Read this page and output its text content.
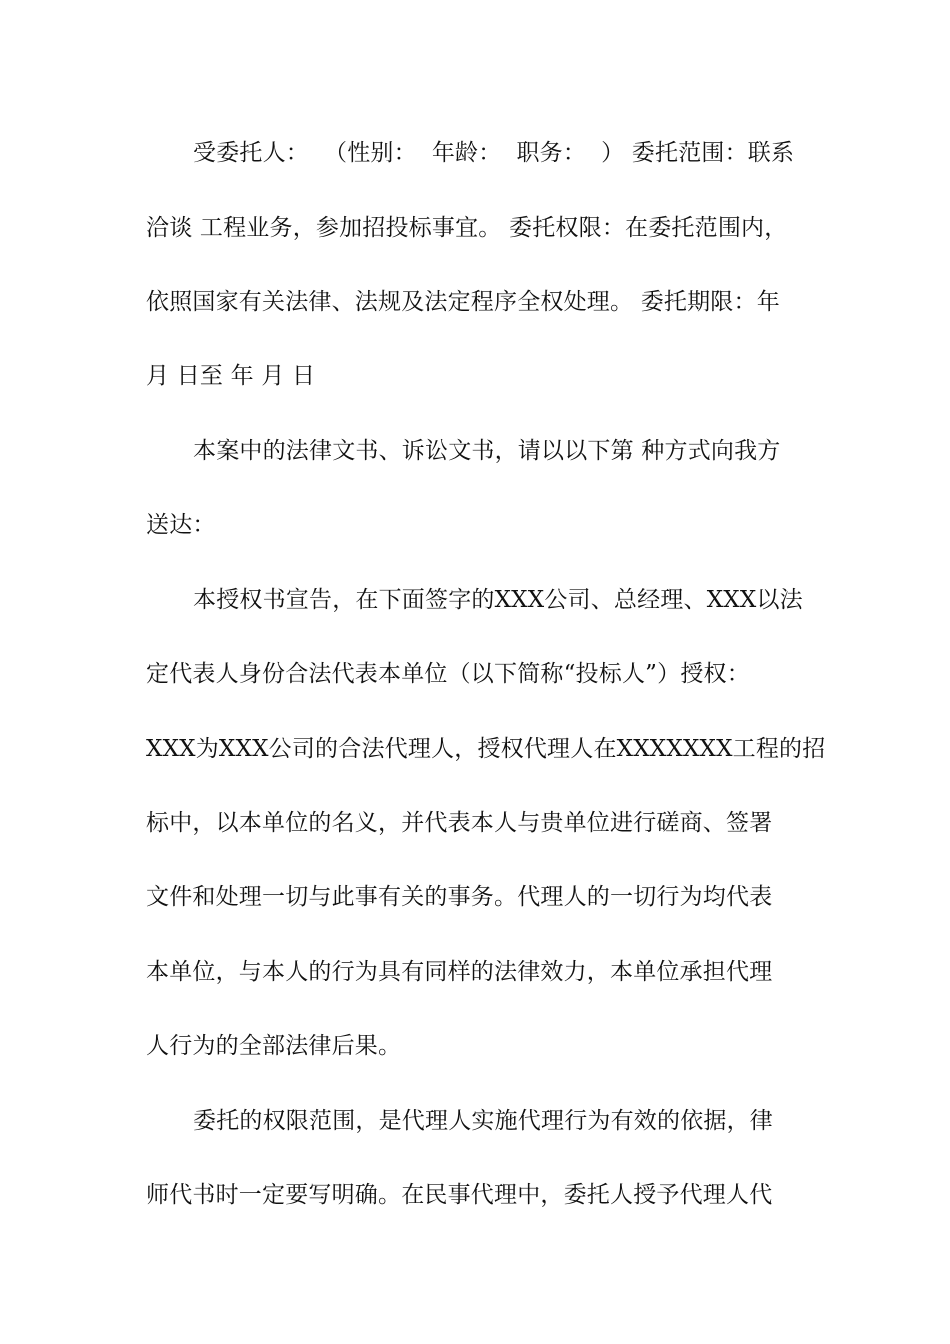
受委托人：  （性别：  年龄：  职务：  ） 委托范围：联系
洽谈 工程业务，参加招投标事宜。 委托权限：在委托范围内，
依照国家有关法律、法规及法定程序全权处理。 委托期限：年
月 日至 年 月 日
本案中的法律文书、诉讼文书，请以以下第 种方式向我方
送达：
本授权书宣告，在下面签字的XXX公司、总经理、XXX以法
定代表人身份合法代表本单位（以下简称“投标人”）授权：
XXX为XXX公司的合法代理人，授权代理人在XXXXXXX工程的招
标中，以本单位的名义，并代表本人与贵单位进行磋商、签署
文件和处理一切与此事有关的事务。代理人的一切行为均代表
本单位，与本人的行为具有同样的法律效力，本单位承担代理
人行为的全部法律后果。
委托的权限范围，是代理人实施代理行为有效的依据，律
师代书时一定要写明确。在民事代理中，委托人授予代理人代
